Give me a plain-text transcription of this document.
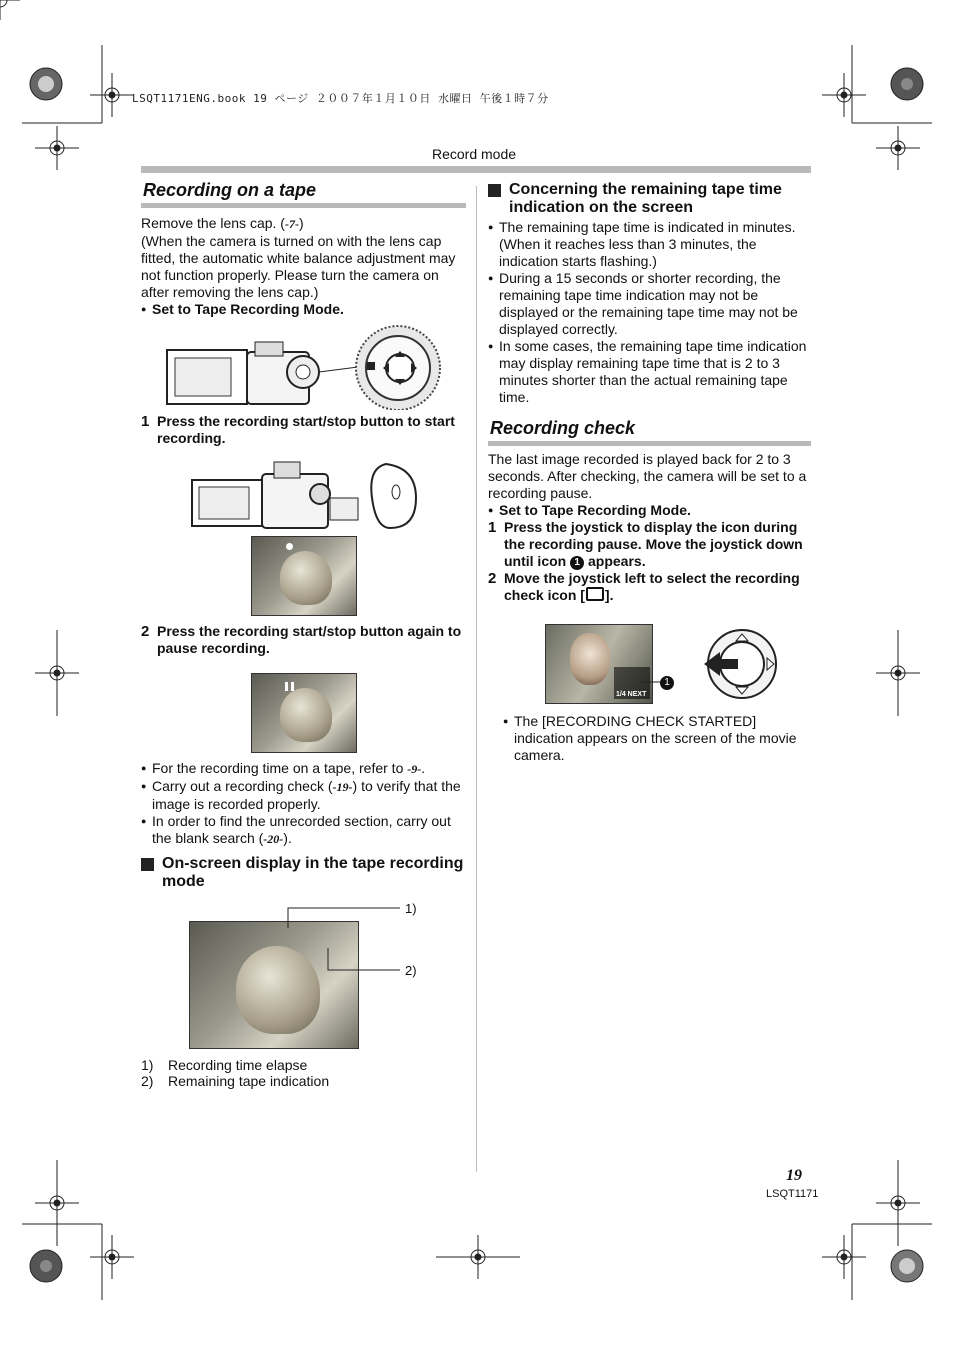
LSQT1171ENG.book 19 ページ ２００７年１月１０日 水曜日 午後１時７分
Record mode
Recording on a tape

Remove the lens cap. (-7-)

(When the camera is turned on with the lens cap fitted, the automatic white balance adjustment may not function properly. Please turn the camera on after removing the lens cap.)

● Set to Tape Recording Mode.

1 Press the recording start/stop button to start recording.

2 Press the recording start/stop button again to pause recording.

● For the recording time on a tape, refer to -9-.

● Carry out a recording check (-19-) to verify that the image is recorded properly.

● In order to find the unrecorded section, carry out the blank search (-20-).

On-screen display in the tape recording mode

1)
2)

1) Recording time elapse

2) Remaining tape indication

Concerning the remaining tape time indication on the screen

● The remaining tape time is indicated in minutes. (When it reaches less than 3 minutes, the indication starts flashing.)

● During a 15 seconds or shorter recording, the remaining tape time indication may not be displayed or the remaining tape time may not be displayed correctly.

● In some cases, the remaining tape time indication may display remaining tape time that is 2 to 3 minutes shorter than the actual remaining tape time.

Recording check

The last image recorded is played back for 2 to 3 seconds. After checking, the camera will be set to a recording pause.

● Set to Tape Recording Mode.

1 Press the joystick to display the icon during the recording pause. Move the joystick down until icon 1 appears.

2 Move the joystick left to select the recording check icon [ ].

1/4 NEXT
1

● The [RECORDING CHECK STARTED] indication appears on the screen of the movie camera.

19
LSQT1171
